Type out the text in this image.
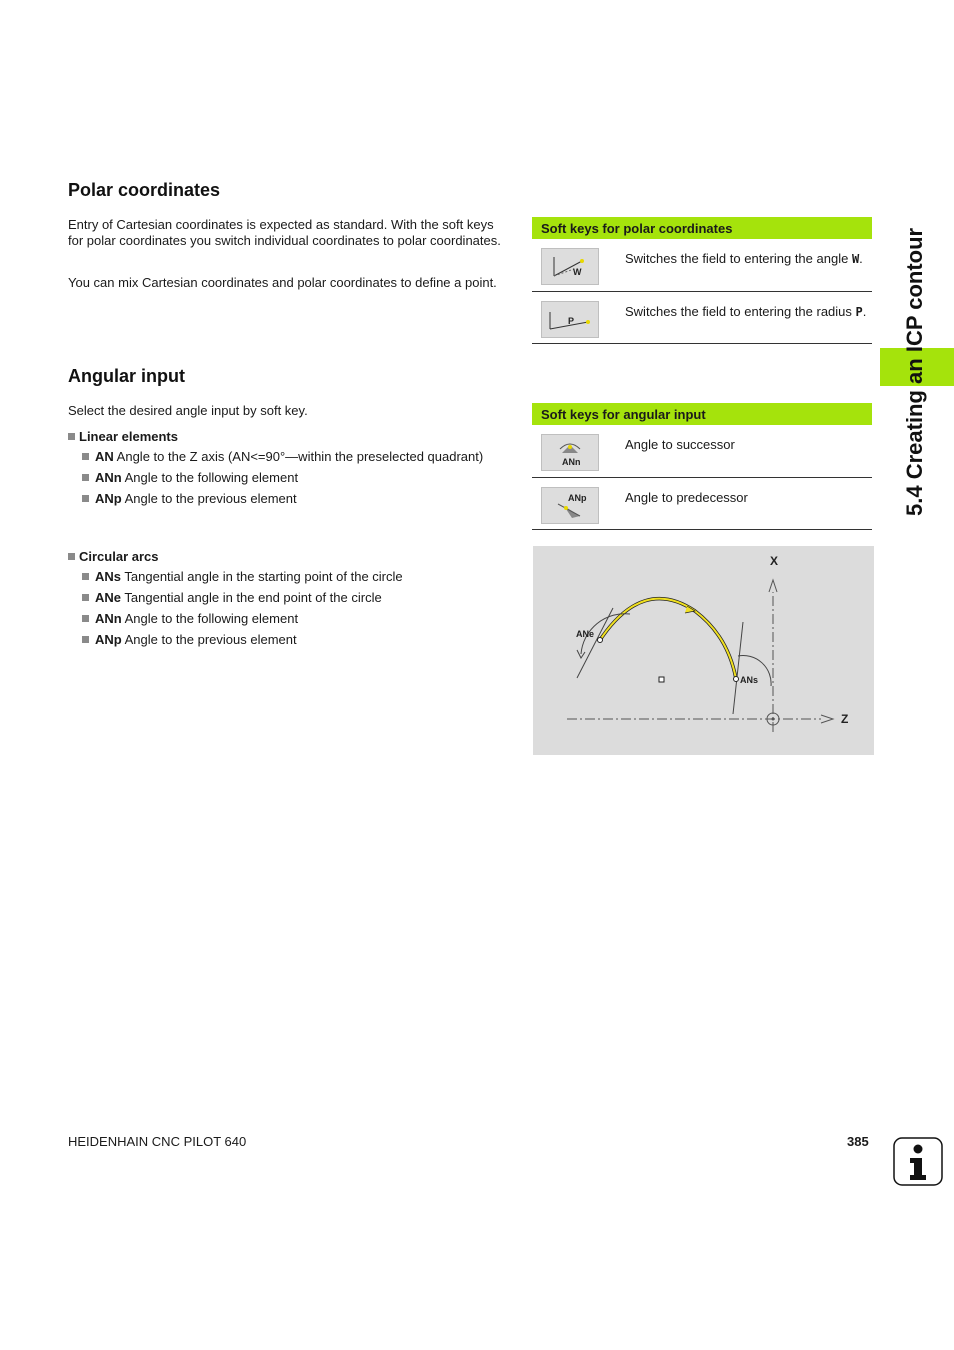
5.4 Creating an ICP contour
Polar coordinates

Entry of Cartesian coordinates is expected as standard. With the soft keys for polar coordinates you switch individual coordinates to polar coordinates.

You can mix Cartesian coordinates and polar coordinates to define a point.

Angular input

Select the desired angle input by soft key.

Linear elements
AN Angle to the Z axis (AN<=90°—within the preselected quadrant)
ANn Angle to the following element
ANp Angle to the previous element
Circular arcs
ANs Tangential angle in the starting point of the circle
ANe Tangential angle in the end point of the circle
ANn Angle to the following element
ANp Angle to the previous element
Soft keys for polar coordinates	

W	Switches the field to entering the angle W.

P	Switches the field to entering the radius P.
Soft keys for angular input	

ANn	Angle to successor

ANp	Angle to predecessor
X
Z
ANe
ANs
HEIDENHAIN CNC PILOT 640	385
